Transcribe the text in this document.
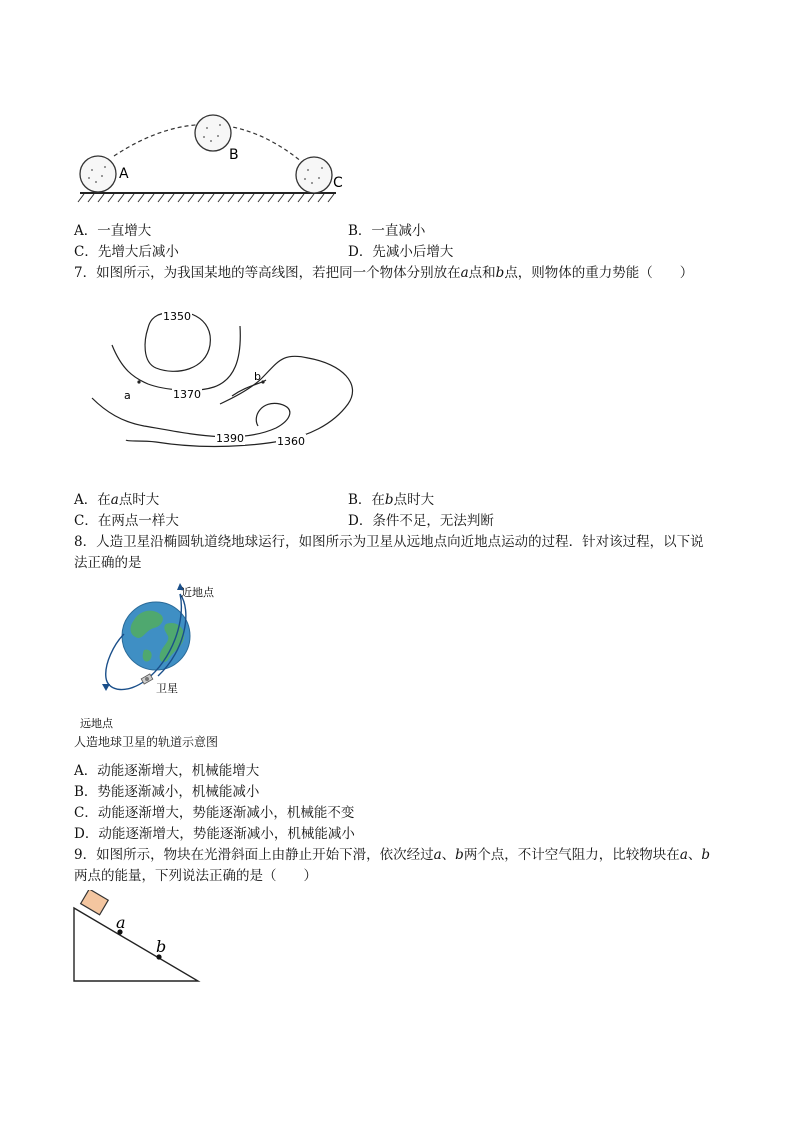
A
B
C
A．一直增大	B．一直减小
C．先增大后减小	D．先减小后增大
7．如图所示，为我国某地的等高线图，若把同一个物体分别放在a点和b点，则物体的重力势能（　　）
1350
1370
1390	1360
a
b
A．在a点时大	B．在b点时大
C．在两点一样大	D．条件不足，无法判断
8．人造卫星沿椭圆轨道绕地球运行，如图所示为卫星从远地点向近地点运动的过程．针对该过程，以下说
法正确的是
近地点
卫星
远地点
人造地球卫星的轨道示意图
A．动能逐渐增大，机械能增大
B．势能逐渐减小，机械能减小
C．动能逐渐增大，势能逐渐减小，机械能不变
D．动能逐渐增大，势能逐渐减小，机械能减小
9．如图所示，物块在光滑斜面上由静止开始下滑，依次经过a、b两个点，不计空气阻力，比较物块在a、b
两点的能量，下列说法正确的是（　　）
a
b
